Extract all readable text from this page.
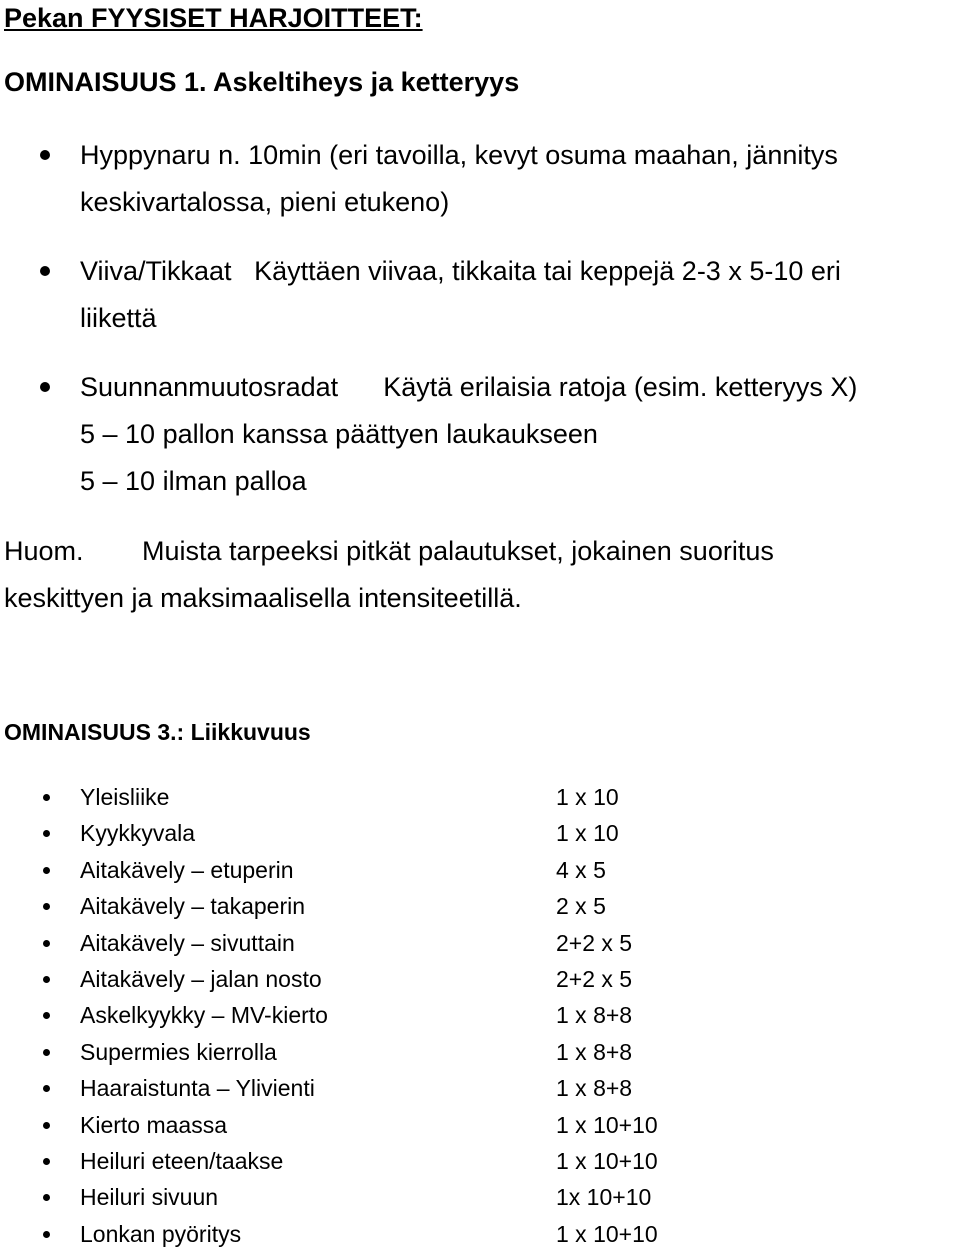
Pekan FYYSISET HARJOITTEET:
OMINAISUUS 1. Askeltiheys ja ketteryys
Hyppynaru n. 10min (eri tavoilla, kevyt osuma maahan, jännitys
keskivartalossa, pieni etukeno)
Viiva/Tikkaat   Käyttäen viivaa, tikkaita tai keppejä 2-3 x 5-10 eri
liikettä
Suunnanmuutosradat      Käytä erilaisia ratoja (esim. ketteryys X)
5 – 10 pallon kanssa päättyen laukaukseen
5 – 10 ilman palloa
Huom. Muista tarpeeksi pitkät palautukset, jokainen suoritus
keskittyen ja maksimaalisella intensiteetillä.
OMINAISUUS 3.: Liikkuvuus
Yleisliike	1 x 10
Kyykkyvala	1 x 10
Aitakävely – etuperin	4 x 5
Aitakävely – takaperin	2 x 5
Aitakävely – sivuttain	2+2 x 5
Aitakävely – jalan nosto	2+2 x 5
Askelkyykky – MV-kierto	1 x 8+8
Supermies kierrolla	1 x 8+8
Haaraistunta – Ylivienti	1 x 8+8
Kierto maassa	1 x 10+10
Heiluri eteen/taakse	1 x 10+10
Heiluri sivuun	1x 10+10
Lonkan pyöritys	1 x 10+10
